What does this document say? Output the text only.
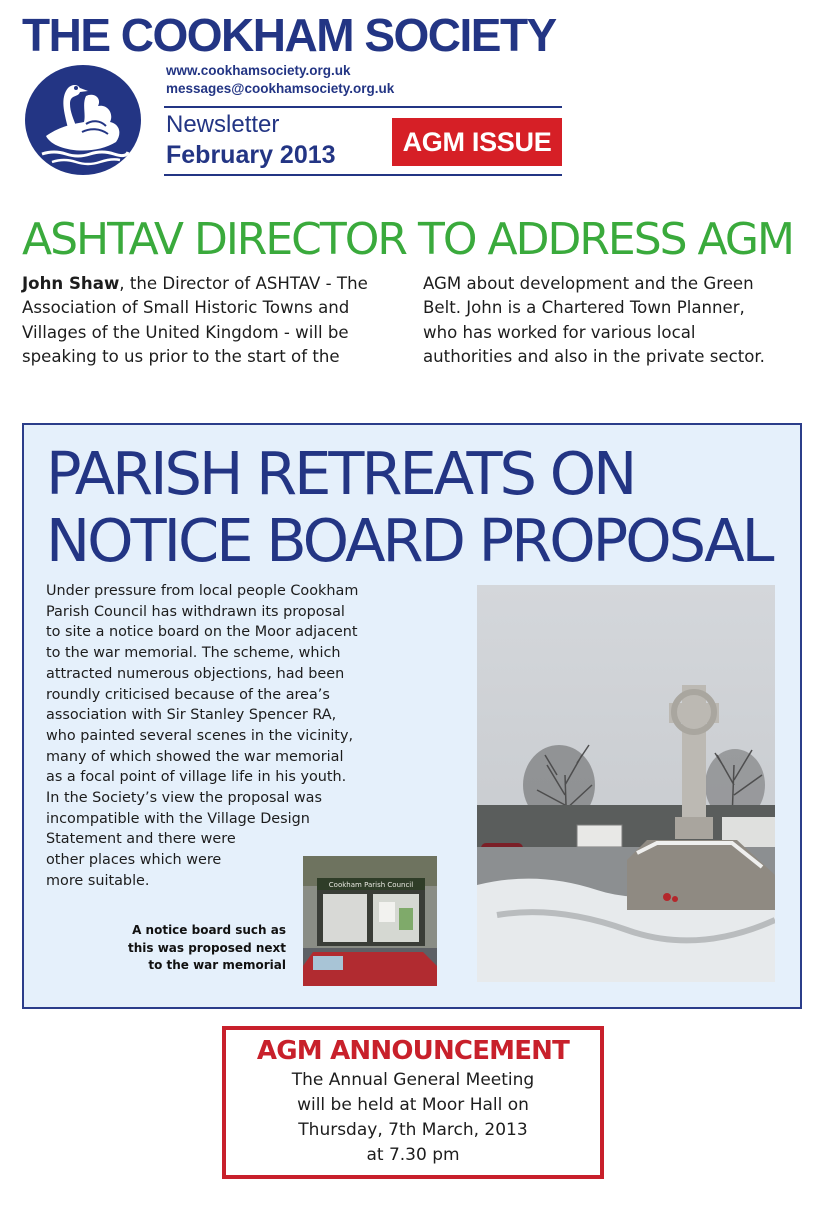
THE COOKHAM SOCIETY
www.cookhamsociety.org.uk
messages@cookhamsociety.org.uk
Newsletter
February 2013	AGM ISSUE
ASHTAV DIRECTOR TO ADDRESS AGM
John Shaw, the Director of ASHTAV - The
Association of Small Historic Towns and
Villages of the United Kingdom - will be
speaking to us prior to the start of the
AGM about development and the Green
Belt. John is a Chartered Town Planner,
who has worked for various local
authorities and also in the private sector.
PARISH RETREATS ON
NOTICE BOARD PROPOSAL
Under pressure from local people Cookham
Parish Council has withdrawn its proposal
to site a notice board on the Moor adjacent
to the war memorial. The scheme, which
attracted numerous objections, had been
roundly criticised because of the area’s
association with Sir Stanley Spencer RA,
who painted several scenes in the vicinity,
many of which showed the war memorial
as a focal point of village life in his youth.
In the Society’s view the proposal was
incompatible with the Village Design
Statement and there were
other places which were
more suitable.	Cookham Parish Council
A notice board such as
this was proposed next
to the war memorial
AGM ANNOUNCEMENT
The Annual General Meeting
will be held at Moor Hall on
Thursday, 7th March, 2013
at 7.30 pm
